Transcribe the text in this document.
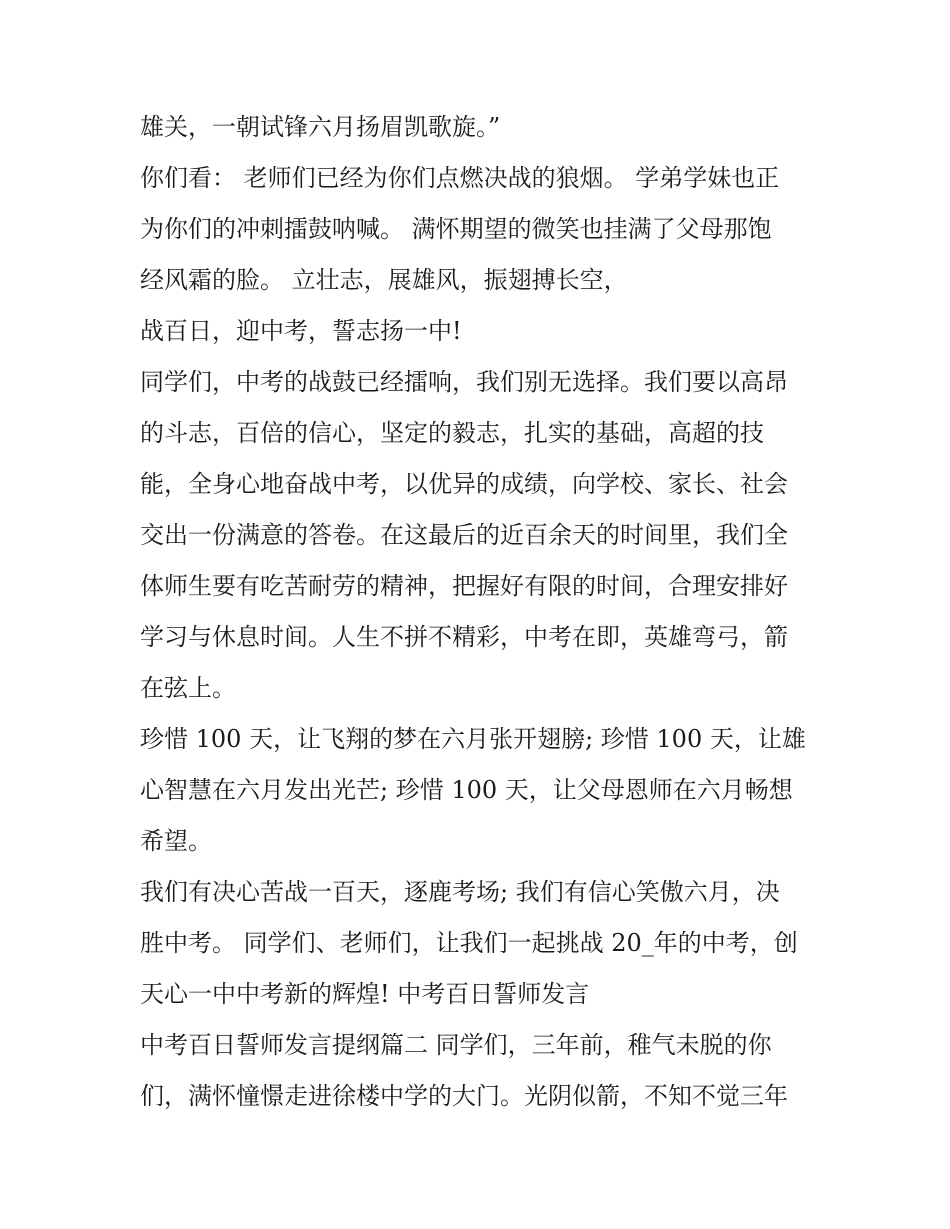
雄关，一朝试锋六月扬眉凯歌旋。”
你们看： 老师们已经为你们点燃决战的狼烟。 学弟学妹也正
为你们的冲刺擂鼓呐喊。 满怀期望的微笑也挂满了父母那饱
经风霜的脸。 立壮志，展雄风，振翅搏长空，
战百日，迎中考，誓志扬一中!
同学们，中考的战鼓已经擂响，我们别无选择。我们要以高昂
的斗志，百倍的信心，坚定的毅志，扎实的基础，高超的技
能，全身心地奋战中考，以优异的成绩，向学校、家长、社会
交出一份满意的答卷。在这最后的近百余天的时间里，我们全
体师生要有吃苦耐劳的精神，把握好有限的时间，合理安排好
学习与休息时间。人生不拼不精彩，中考在即，英雄弯弓，箭
在弦上。
珍惜 100 天，让飞翔的梦在六月张开翅膀; 珍惜 100 天，让雄
心智慧在六月发出光芒; 珍惜 100 天，让父母恩师在六月畅想
希望。
我们有决心苦战一百天，逐鹿考场; 我们有信心笑傲六月，决
胜中考。 同学们、老师们，让我们一起挑战 20_年的中考，创
天心一中中考新的辉煌! 中考百日誓师发言
中考百日誓师发言提纲篇二 同学们，三年前，稚气未脱的你
们，满怀憧憬走进徐楼中学的大门。光阴似箭，不知不觉三年
